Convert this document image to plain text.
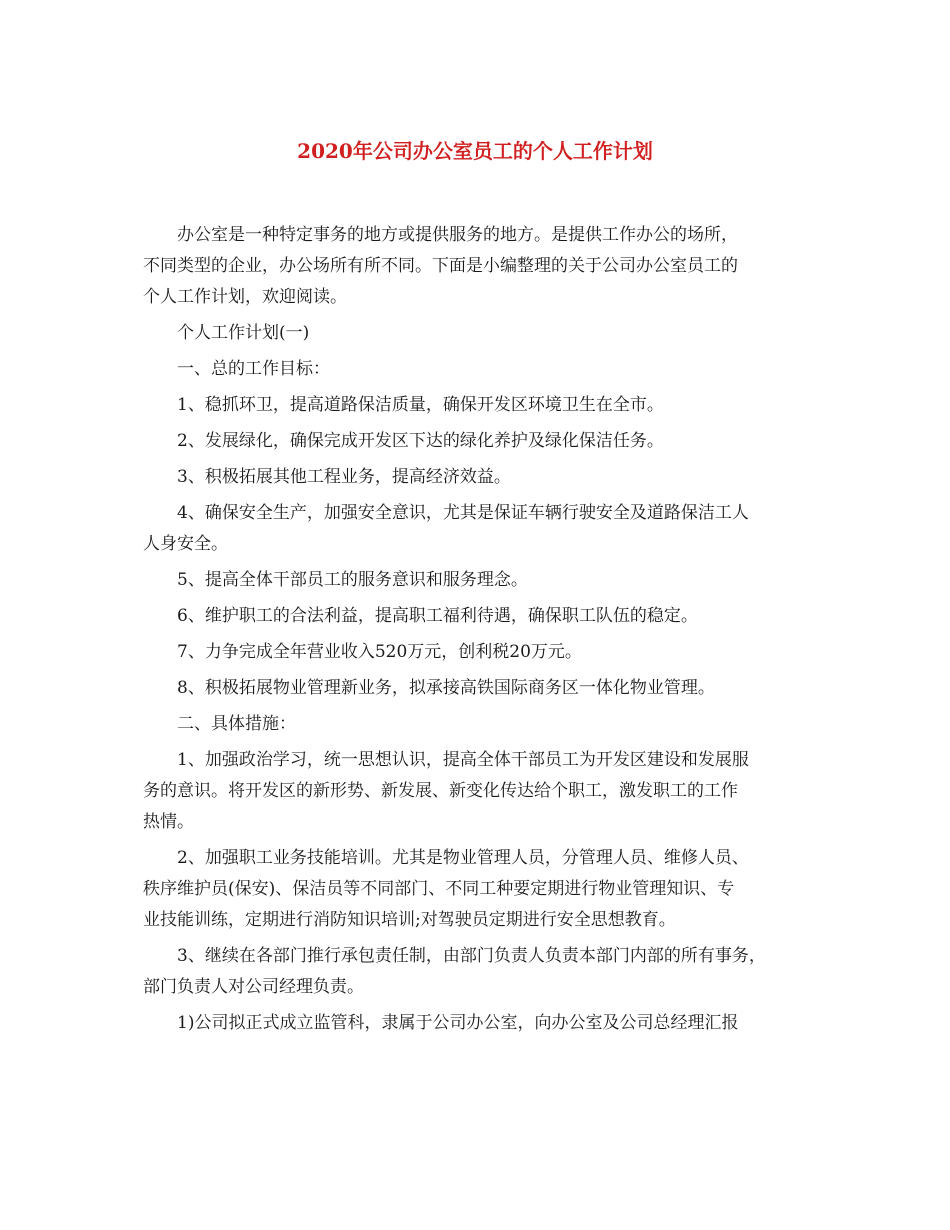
2020年公司办公室员工的个人工作计划

办公室是一种特定事务的地方或提供服务的地方。是提供工作办公的场所，
不同类型的企业，办公场所有所不同。下面是小编整理的关于公司办公室员工的
个人工作计划，欢迎阅读。

个人工作计划(一)

一、总的工作目标：

1、稳抓环卫，提高道路保洁质量，确保开发区环境卫生在全市。

2、发展绿化，确保完成开发区下达的绿化养护及绿化保洁任务。

3、积极拓展其他工程业务，提高经济效益。

4、确保安全生产，加强安全意识，尤其是保证车辆行驶安全及道路保洁工人
人身安全。

5、提高全体干部员工的服务意识和服务理念。

6、维护职工的合法利益，提高职工福利待遇，确保职工队伍的稳定。

7、力争完成全年营业收入520万元，创利税20万元。

8、积极拓展物业管理新业务，拟承接高铁国际商务区一体化物业管理。

二、具体措施：

1、加强政治学习，统一思想认识，提高全体干部员工为开发区建设和发展服
务的意识。将开发区的新形势、新发展、新变化传达给个职工，激发职工的工作
热情。

2、加强职工业务技能培训。尤其是物业管理人员，分管理人员、维修人员、
秩序维护员(保安)、保洁员等不同部门、不同工种要定期进行物业管理知识、专
业技能训练，定期进行消防知识培训;对驾驶员定期进行安全思想教育。

3、继续在各部门推行承包责任制，由部门负责人负责本部门内部的所有事务，
部门负责人对公司经理负责。

1)公司拟正式成立监管科，隶属于公司办公室，向办公室及公司总经理汇报
